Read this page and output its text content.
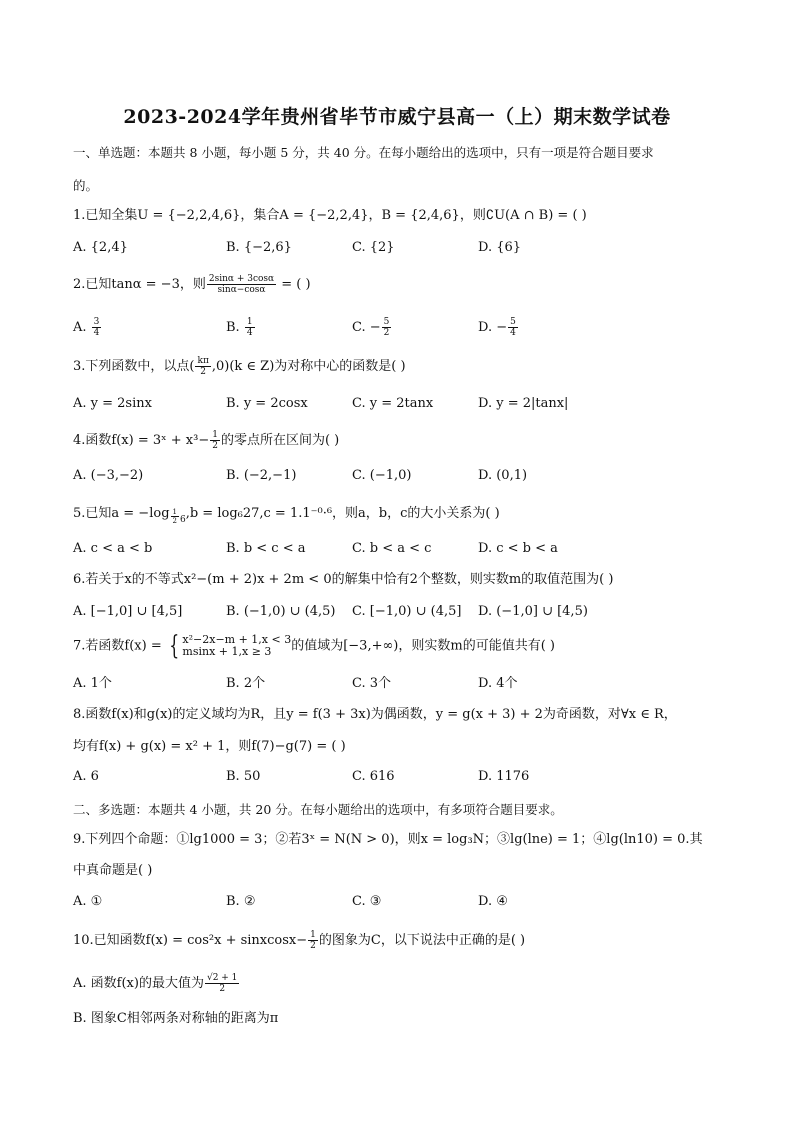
2023-2024学年贵州省毕节市威宁县高一（上）期末数学试卷
一、单选题：本题共 8 小题，每小题 5 分，共 40 分。在每小题给出的选项中，只有一项是符合题目要求
的。
1.已知全集U = {−2,2,4,6}，集合A = {−2,2,4}，B = {2,4,6}，则∁U(A ∩ B) = ( )
A. {2,4}	B. {−2,6}	C. {2}	D. {6}
2.已知tanα = −3，则 $\frac{2\sin\alpha + 3\cos\alpha}{\sin\alpha-\cos\alpha}$ = ( )
A. $\frac{3}{4}$	B. $\frac{1}{4}$	C. − $\frac{5}{2}$	D. − $\frac{5}{4}$
3.下列函数中，以点( $\frac{k\pi}{2} ,0)(k$ ∈ Z)为对称中心的函数是( )
A. y = 2sinx	B. y = 2cosx	C. y = 2tanx	D. y = 2|tanx|
4.函数f(x) = 3ˣ + $x^3- \frac{1}{2}$ 的零点所在区间为( )
A. (−3,−2)	B. (−2,−1)	C. (−1,0)	D. (0,1)
5.已知$a = -\log \frac{1}{2} _6,b = \log_627,c = 1.1^{-0}\cdot^6$，则a，b，c的大小关系为( )
A. c < a < b	B. b < c < a	C. b < a < c	D. c < b < a
6.若关于x的不等式x²−(m + 2)x + 2m < 0的解集中恰有2个整数，则实数m的取值范围为( )
A. [−1,0] ∪ [4,5]	B. (−1,0) ∪ (4,5) C. [−1,0) ∪ (4,5] D. (−1,0] ∪ [4,5)
7.若函数f(x) = { x²−2x−m + 1,x < 3
msinx + 1,x ≥ 3	的值域为[−3,+∞)，则实数m的可能值共有( )
A. 1个	B. 2个	C. 3个	D. 4个
8.函数f(x)和g(x)的定义域均为R，且y = f(3 + 3x)为偶函数，y = g(x + 3) + 2为奇函数，对∀x ∈ R，
均有f(x) + g(x) = x² + 1，则f(7)−g(7) = ( )
A. 6	B. 50	C. 616	D. 1176
二、多选题：本题共 4 小题，共 20 分。在每小题给出的选项中，有多项符合题目要求。
9.下列四个命题：①lg1000 = 3；②若3ˣ = N(N > 0)，则x = log₃N；③lg(lne) = 1；④lg(ln10) = 0.其
中真命题是( )
A. ①	B. ②	C. ③	D. ④
10.已知函数f(x) = cos²x + sinxcosx− $\frac{1}{2}$ 的图象为C，以下说法中正确的是( )
A. 函数f(x)的最大值为 $\frac{√2 + 1}{2}$
B. 图象C相邻两条对称轴的距离为π
